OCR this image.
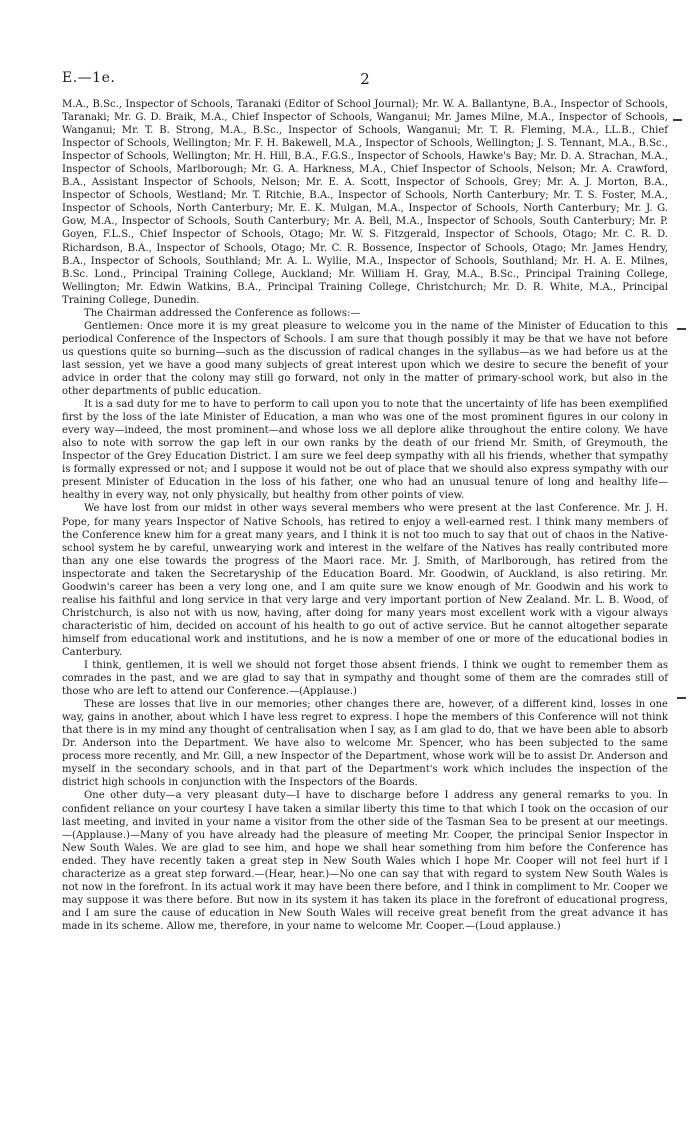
E.—1e.	2

M.A., B.Sc., Inspector of Schools, Taranaki (Editor of School Journal); Mr. W. A. Ballantyne, B.A., Inspector of Schools, Taranaki; Mr. G. D. Braik, M.A., Chief Inspector of Schools, Wanganui; Mr. James Milne, M.A., Inspector of Schools, Wanganui; Mr. T. B. Strong, M.A., B.Sc., Inspector of Schools, Wanganui; Mr. T. R. Fleming, M.A., LL.B., Chief Inspector of Schools, Wellington; Mr. F. H. Bakewell, M.A., Inspector of Schools, Wellington; J. S. Tennant, M.A., B.Sc., Inspector of Schools, Wellington; Mr. H. Hill, B.A., F.G.S., Inspector of Schools, Hawke's Bay; Mr. D. A. Strachan, M.A., Inspector of Schools, Marlborough; Mr. G. A. Harkness, M.A., Chief Inspector of Schools, Nelson; Mr. A. Crawford, B.A., Assistant Inspector of Schools, Nelson; Mr. E. A. Scott, Inspector of Schools, Grey; Mr. A. J. Morton, B.A., Inspector of Schools, Westland; Mr. T. Ritchie, B.A., Inspector of Schools, North Canterbury; Mr. T. S. Foster, M.A., Inspector of Schools, North Canterbury; Mr. E. K. Mulgan, M.A., Inspector of Schools, North Canterbury; Mr. J. G. Gow, M.A., Inspector of Schools, South Canterbury; Mr. A. Bell, M.A., Inspector of Schools, South Canterbury; Mr. P. Goyen, F.L.S., Chief Inspector of Schools, Otago; Mr. W. S. Fitzgerald, Inspector of Schools, Otago; Mr. C. R. D. Richardson, B.A., Inspector of Schools, Otago; Mr. C. R. Bossence, Inspector of Schools, Otago; Mr. James Hendry, B.A., Inspector of Schools, Southland; Mr. A. L. Wyllie, M.A., Inspector of Schools, Southland; Mr. H. A. E. Milnes, B.Sc. Lond., Principal Training College, Auckland; Mr. William H. Gray, M.A., B.Sc., Principal Training College, Wellington; Mr. Edwin Watkins, B.A., Principal Training College, Christchurch; Mr. D. R. White, M.A., Principal Training College, Dunedin.

The Chairman addressed the Conference as follows:—

Gentlemen: Once more it is my great pleasure to welcome you in the name of the Minister of Education to this periodical Conference of the Inspectors of Schools. I am sure that though possibly it may be that we have not before us questions quite so burning—such as the discussion of radical changes in the syllabus—as we had before us at the last session, yet we have a good many subjects of great interest upon which we desire to secure the benefit of your advice in order that the colony may still go forward, not only in the matter of primary-school work, but also in the other departments of public education.

It is a sad duty for me to have to perform to call upon you to note that the uncertainty of life has been exemplified first by the loss of the late Minister of Education, a man who was one of the most prominent figures in our colony in every way—indeed, the most prominent—and whose loss we all deplore alike throughout the entire colony. We have also to note with sorrow the gap left in our own ranks by the death of our friend Mr. Smith, of Greymouth, the Inspector of the Grey Education District. I am sure we feel deep sympathy with all his friends, whether that sympathy is formally expressed or not; and I suppose it would not be out of place that we should also express sympathy with our present Minister of Education in the loss of his father, one who had an unusual tenure of long and healthy life—healthy in every way, not only physically, but healthy from other points of view.

We have lost from our midst in other ways several members who were present at the last Conference. Mr. J. H. Pope, for many years Inspector of Native Schools, has retired to enjoy a well-earned rest. I think many members of the Conference knew him for a great many years, and I think it is not too much to say that out of chaos in the Native-school system he by careful, unwearying work and interest in the welfare of the Natives has really contributed more than any one else towards the progress of the Maori race. Mr. J. Smith, of Marlborough, has retired from the inspectorate and taken the Secretaryship of the Education Board. Mr. Goodwin, of Auckland, is also retiring. Mr. Goodwin's career has been a very long one, and I am quite sure we know enough of Mr. Goodwin and his work to realise his faithful and long service in that very large and very important portion of New Zealand. Mr. L. B. Wood, of Christchurch, is also not with us now, having, after doing for many years most excellent work with a vigour always characteristic of him, decided on account of his health to go out of active service. But he cannot altogether separate himself from educational work and institutions, and he is now a member of one or more of the educational bodies in Canterbury.

I think, gentlemen, it is well we should not forget those absent friends. I think we ought to remember them as comrades in the past, and we are glad to say that in sympathy and thought some of them are the comrades still of those who are left to attend our Conference.—(Applause.)

These are losses that live in our memories; other changes there are, however, of a different kind, losses in one way, gains in another, about which I have less regret to express. I hope the members of this Conference will not think that there is in my mind any thought of centralisation when I say, as I am glad to do, that we have been able to absorb Dr. Anderson into the Department. We have also to welcome Mr. Spencer, who has been subjected to the same process more recently, and Mr. Gill, a new Inspector of the Department, whose work will be to assist Dr. Anderson and myself in the secondary schools, and in that part of the Department's work which includes the inspection of the district high schools in conjunction with the Inspectors of the Boards.

One other duty—a very pleasant duty—I have to discharge before I address any general remarks to you. In confident reliance on your courtesy I have taken a similar liberty this time to that which I took on the occasion of our last meeting, and invited in your name a visitor from the other side of the Tasman Sea to be present at our meetings.—(Applause.)—Many of you have already had the pleasure of meeting Mr. Cooper, the principal Senior Inspector in New South Wales. We are glad to see him, and hope we shall hear something from him before the Conference has ended. They have recently taken a great step in New South Wales which I hope Mr. Cooper will not feel hurt if I characterize as a great step forward.—(Hear, hear.)—No one can say that with regard to system New South Wales is not now in the forefront. In its actual work it may have been there before, and I think in compliment to Mr. Cooper we may suppose it was there before. But now in its system it has taken its place in the forefront of educational progress, and I am sure the cause of education in New South Wales will receive great benefit from the great advance it has made in its scheme. Allow me, therefore, in your name to welcome Mr. Cooper.—(Loud applause.)
